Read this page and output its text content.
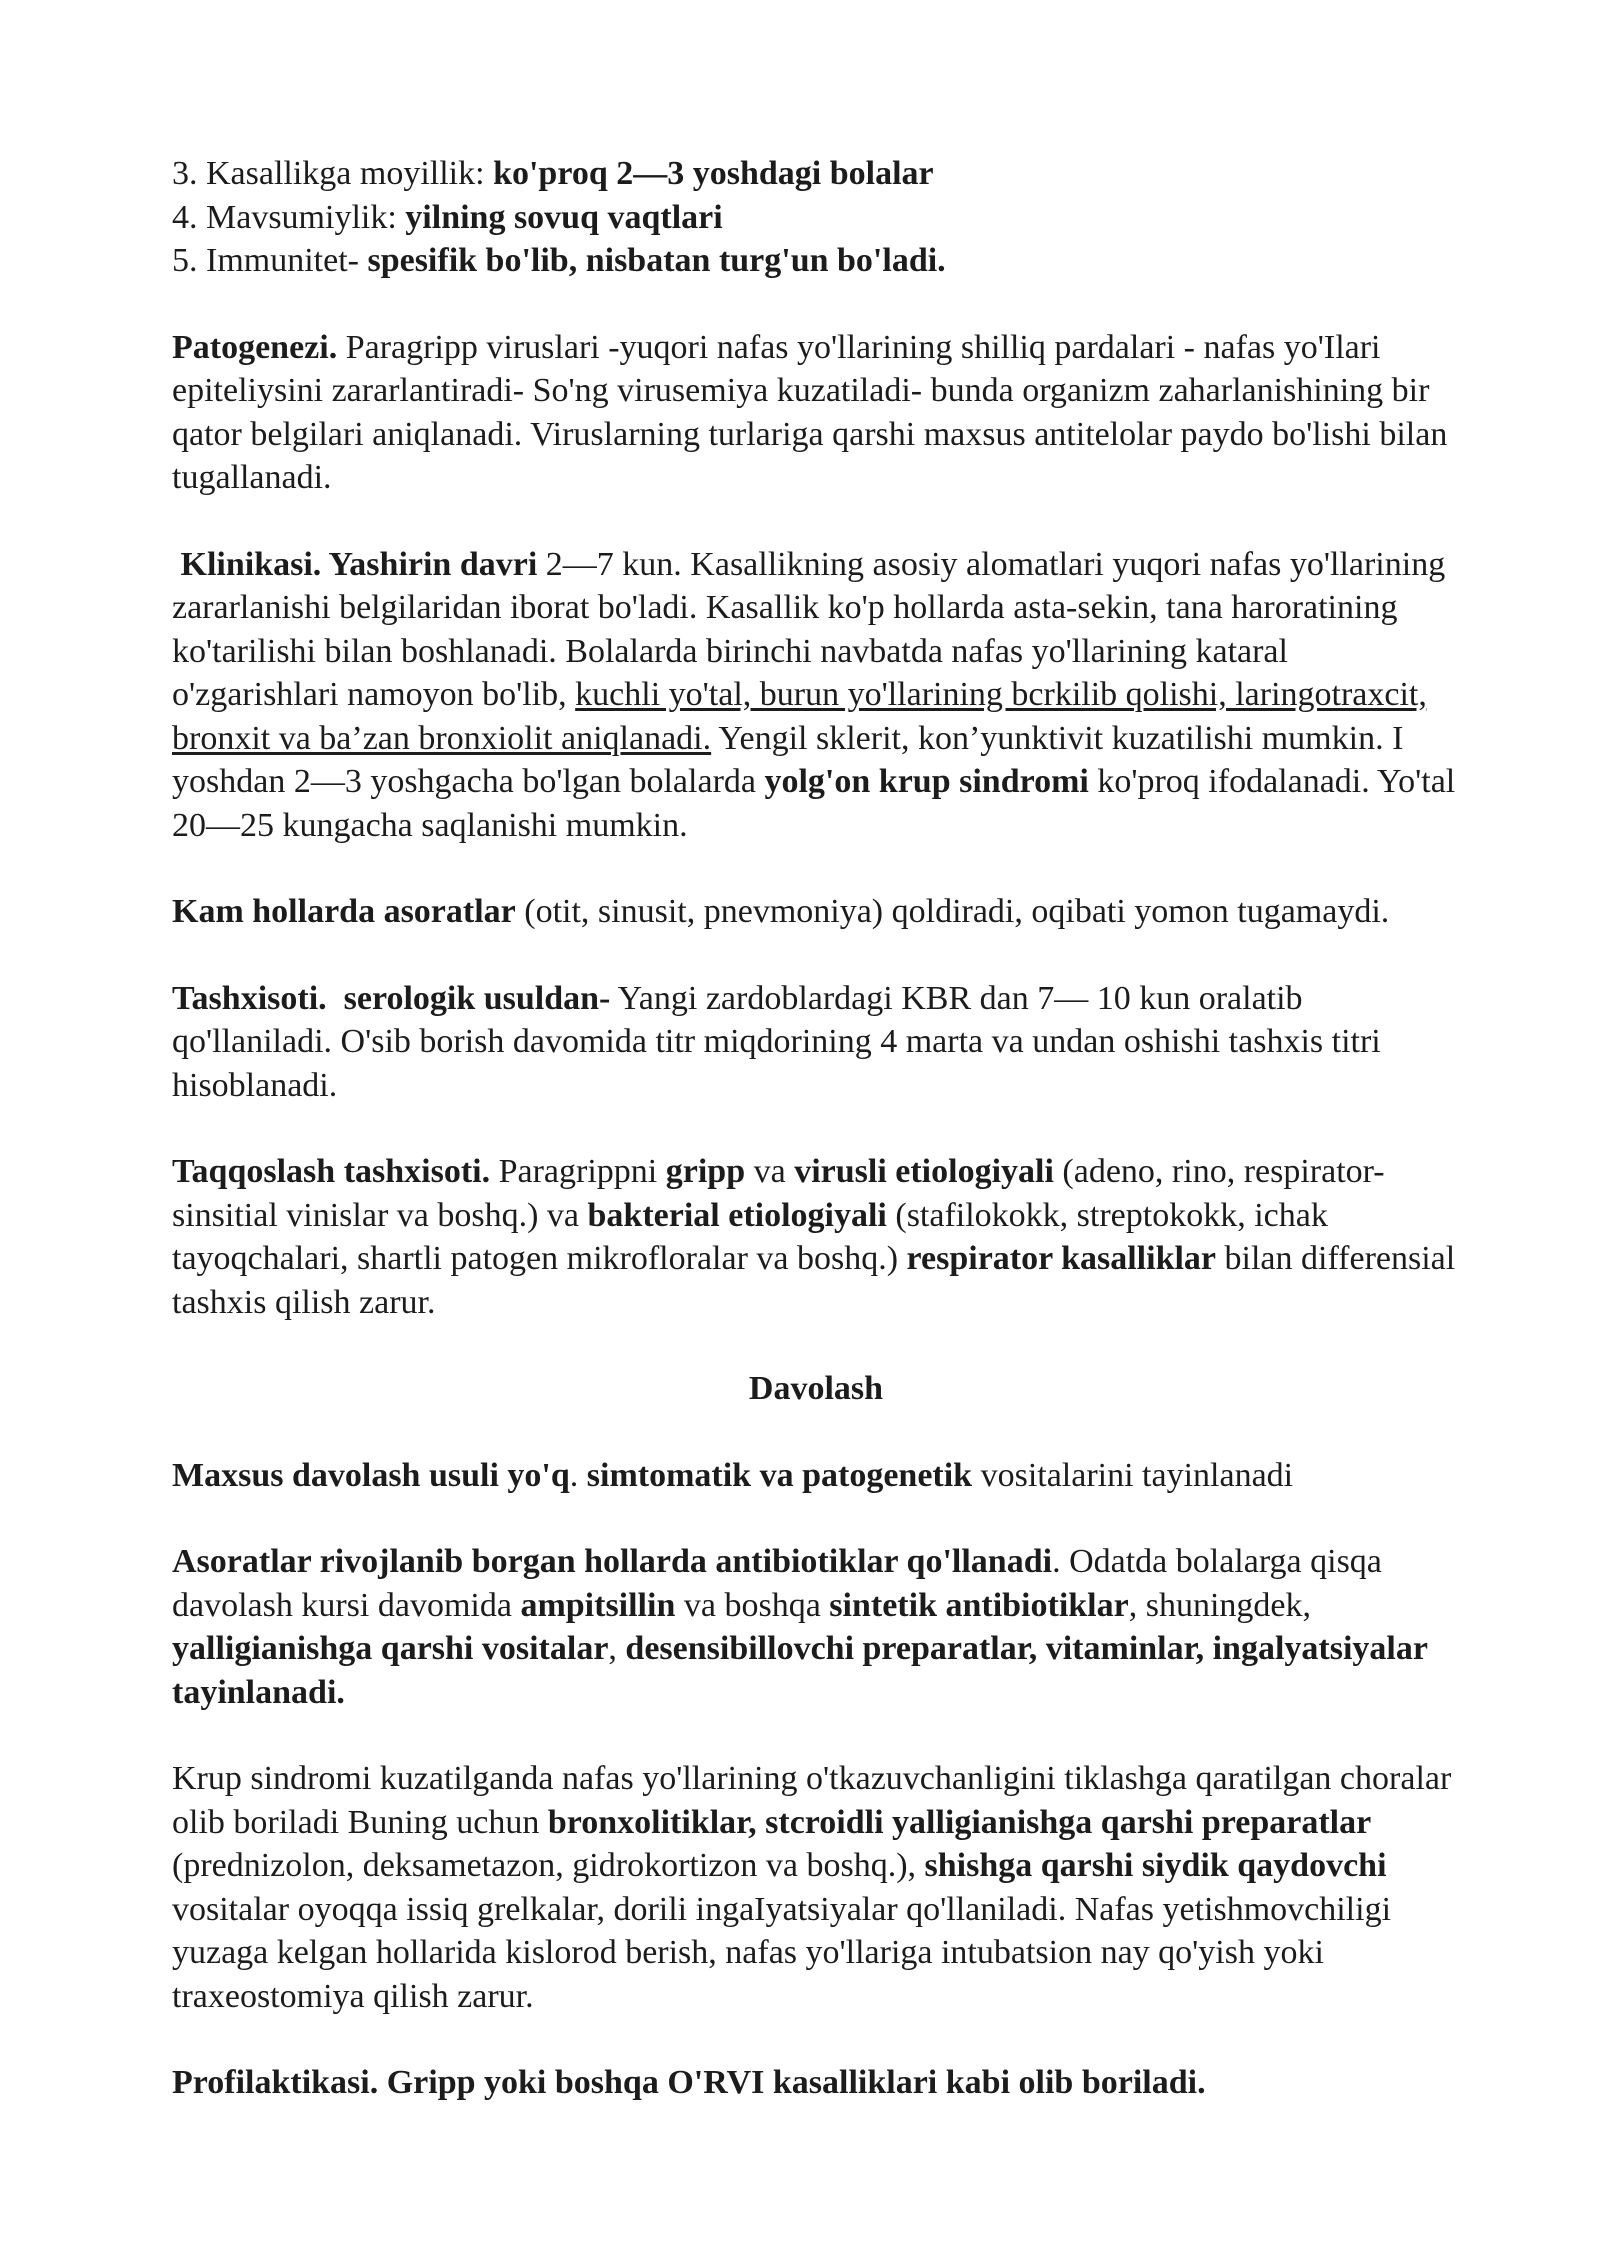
3. Kasallikga moyillik: ko'proq 2—3 yoshdagi bolalar

4. Mavsumiylik: yilning sovuq vaqtlari

5. Immunitet- spesifik bo'lib, nisbatan turg'un bo'ladi.

Patogenezi. Paragripp viruslari -yuqori nafas yo'llarining shilliq pardalari - nafas yo'Ilari epiteliysini zararlantiradi- So'ng virusemiya kuzatiladi- bunda organizm zaharlanishining bir qator belgilari aniqlanadi. Viruslarning turlariga qarshi maxsus antitelolar paydo bo'lishi bilan tugallanadi.

Klinikasi. Yashirin davri 2—7 kun. Kasallikning asosiy alomatlari yuqori nafas yo'llarining zararlanishi belgilaridan iborat bo'ladi. Kasallik ko'p hollarda asta-sekin, tana haroratining ko'tarilishi bilan boshlanadi. Bolalarda birinchi navbatda nafas yo'llarining kataral o'zgarishlari namoyon bo'lib, kuchli yo'tal, burun yo'llarining bcrkilib qolishi, laringotraxcit, bronxit va ba’zan bronxiolit aniqlanadi. Yengil sklerit, kon’yunktivit kuzatilishi mumkin. I yoshdan 2—3 yoshgacha bo'lgan bolalarda yolg'on krup sindromi ko'proq ifodalanadi. Yo'tal 20—25 kungacha saqlanishi mumkin.

Kam hollarda asoratlar (otit, sinusit, pnevmoniya) qoldiradi, oqibati yomon tugamaydi.

Tashxisoti.  serologik usuldan- Yangi zardoblardagi KBR dan 7— 10 kun oralatib qo'llaniladi. O'sib borish davomida titr miqdorining 4 marta va undan oshishi tashxis titri hisoblanadi.

Taqqoslash tashxisoti. Paragrippni gripp va virusli etiologiyali (adeno, rino, respirator-sinsitial vinislar va boshq.) va bakterial etiologiyali (stafilokokk, streptokokk, ichak tayoqchalari, shartli patogen mikrofloralar va boshq.) respirator kasalliklar bilan differensial tashxis qilish zarur.

Davolash

Maxsus davolash usuli yo'q. simtomatik va patogenetik vositalarini tayinlanadi

Asoratlar rivojlanib borgan hollarda antibiotiklar qo'llanadi. Odatda bolalarga qisqa davolash kursi davomida ampitsillin va boshqa sintetik antibiotiklar, shuningdek, yalligianishga qarshi vositalar, desensibillovchi preparatlar, vitaminlar, ingalyatsiyalar tayinlanadi.

Krup sindromi kuzatilganda nafas yo'llarining o'tkazuvchanligini tiklashga qaratilgan choralar olib boriladi Buning uchun bronxolitiklar, stcroidli yalligianishga qarshi preparatlar (prednizolon, deksametazon, gidrokortizon va boshq.), shishga qarshi siydik qaydovchi vositalar oyoqqa issiq grelkalar, dorili ingaIyatsiyalar qo'llaniladi. Nafas yetishmovchiligi yuzaga kelgan hollarida kislorod berish, nafas yo'llariga intubatsion nay qo'yish yoki traxeostomiya qilish zarur.

Profilaktikasi. Gripp yoki boshqa O'RVI kasalliklari kabi olib boriladi.
